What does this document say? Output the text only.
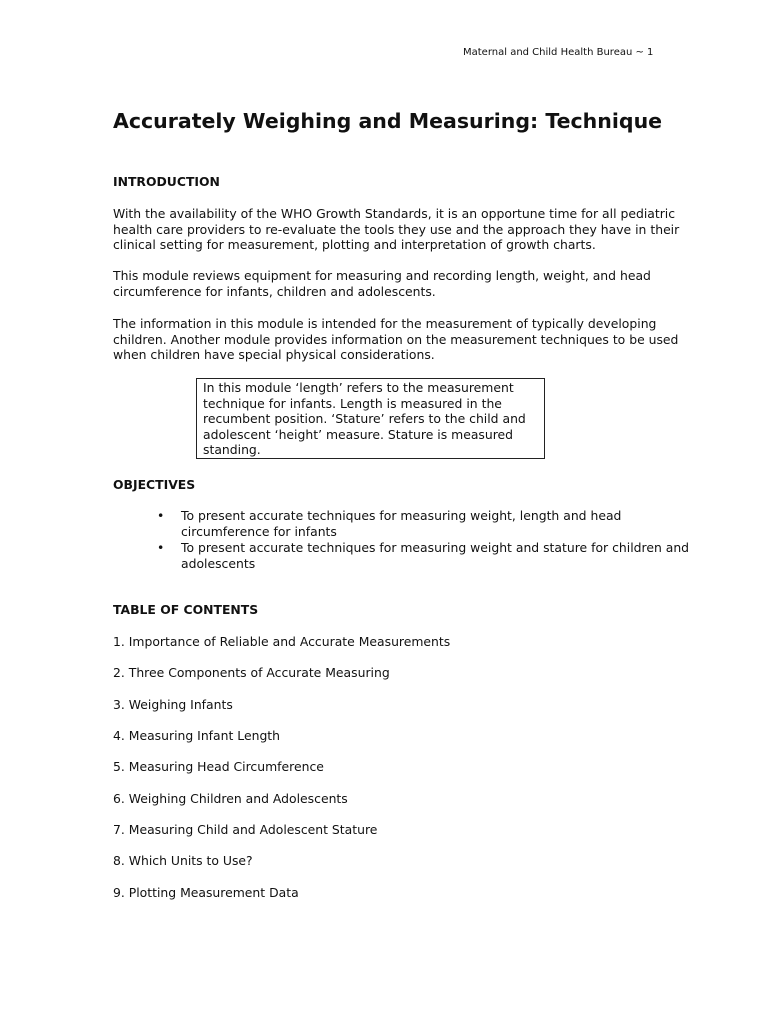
Maternal and Child Health Bureau ~ 1
Accurately Weighing and Measuring: Technique
INTRODUCTION

With the availability of the WHO Growth Standards, it is an opportune time for all pediatric
health care providers to re-evaluate the tools they use and the approach they have in their
clinical setting for measurement, plotting and interpretation of growth charts.

This module reviews equipment for measuring and recording length, weight, and head
circumference for infants, children and adolescents.

The information in this module is intended for the measurement of typically developing
children. Another module provides information on the measurement techniques to be used
when children have special physical considerations.

In this module ‘length’ refers to the measurement
technique for infants. Length is measured in the
recumbent position. ‘Stature’ refers to the child and
adolescent ‘height’ measure. Stature is measured
standing.
OBJECTIVES
• To present accurate techniques for measuring weight, length and head
circumference for infants
• To present accurate techniques for measuring weight and stature for children and
adolescents
TABLE OF CONTENTS

1. Importance of Reliable and Accurate Measurements

2. Three Components of Accurate Measuring

3. Weighing Infants

4. Measuring Infant Length

5. Measuring Head Circumference

6. Weighing Children and Adolescents

7. Measuring Child and Adolescent Stature

8. Which Units to Use?

9. Plotting Measurement Data
